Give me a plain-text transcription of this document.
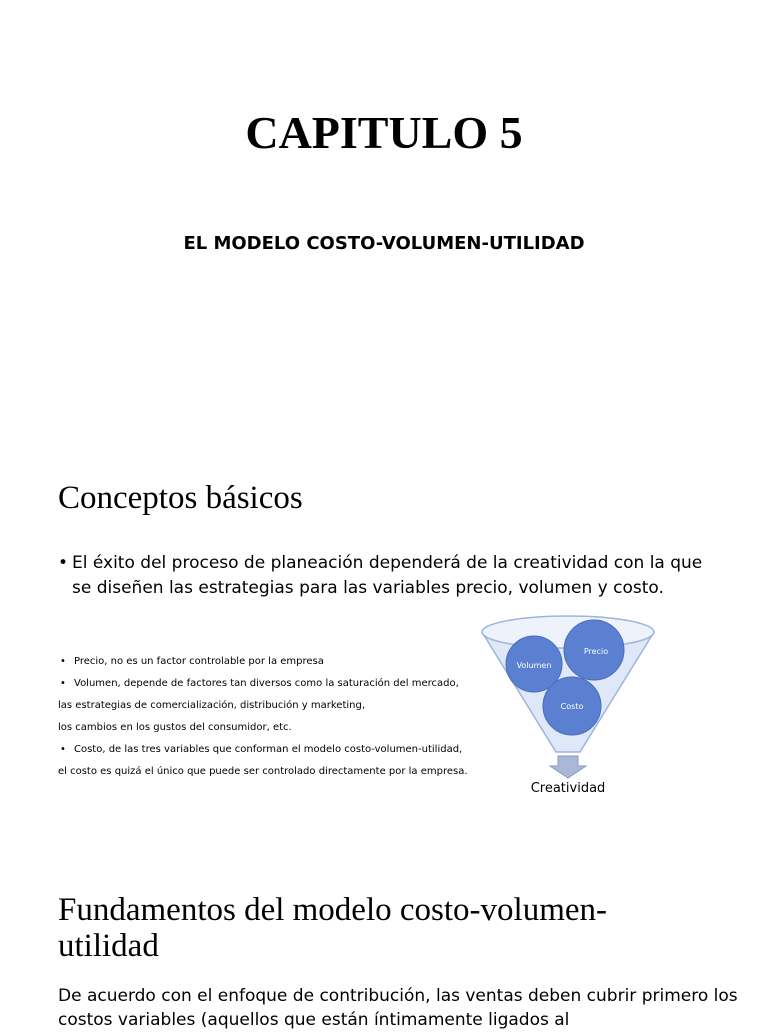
CAPITULO 5
EL MODELO COSTO-VOLUMEN-UTILIDAD
Conceptos básicos
• El éxito del proceso de planeación dependerá de la creatividad con la que se diseñen las estrategias para las variables precio, volumen y costo.
• Precio, no es un factor controlable por la empresa
• Volumen, depende de factores tan diversos como la saturación del mercado,
las estrategias de comercialización, distribución y marketing,
los cambios en los gustos del consumidor, etc.
• Costo, de las tres variables que conforman el modelo costo-volumen-utilidad,
el costo es quizá el único que puede ser controlado directamente por la empresa.
Precio
Volumen
Costo
Creatividad
Fundamentos del modelo costo-volumen-utilidad

De acuerdo con el enfoque de contribución, las ventas deben cubrir primero los costos variables (aquellos que están íntimamente ligados al
